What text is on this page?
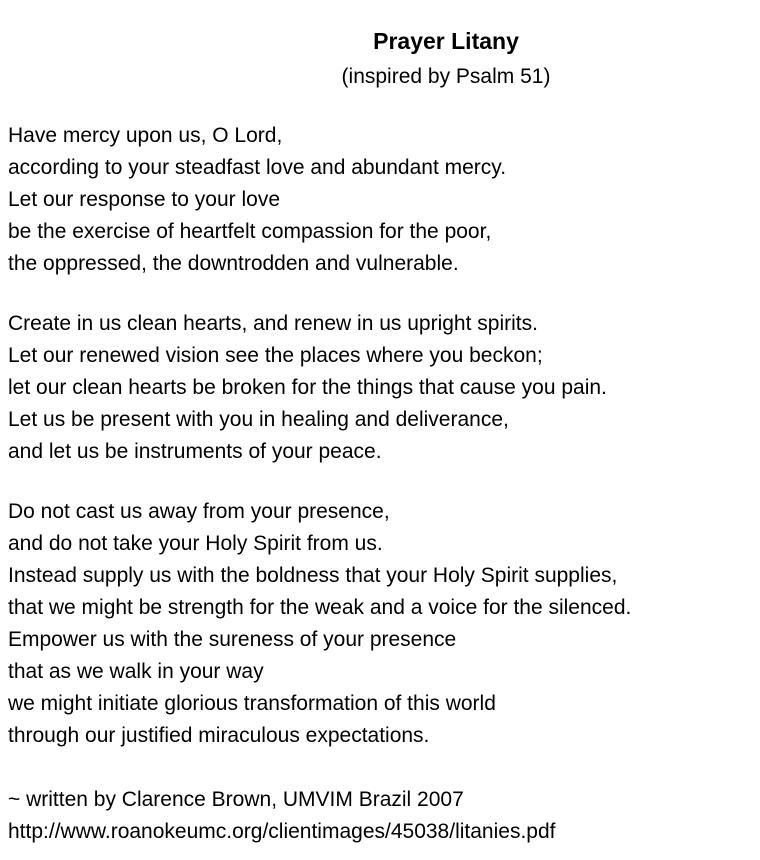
Prayer Litany
(inspired by Psalm 51)
Have mercy upon us, O Lord,
according to your steadfast love and abundant mercy.
Let our response to your love
be the exercise of heartfelt compassion for the poor,
the oppressed, the downtrodden and vulnerable.
Create in us clean hearts, and renew in us upright spirits.
Let our renewed vision see the places where you beckon;
let our clean hearts be broken for the things that cause you pain.
Let us be present with you in healing and deliverance,
and let us be instruments of your peace.
Do not cast us away from your presence,
and do not take your Holy Spirit from us.
Instead supply us with the boldness that your Holy Spirit supplies,
that we might be strength for the weak and a voice for the silenced.
Empower us with the sureness of your presence
that as we walk in your way
we might initiate glorious transformation of this world
through our justified miraculous expectations.
~ written by Clarence Brown, UMVIM Brazil 2007
http://www.roanokeumc.org/clientimages/45038/litanies.pdf
